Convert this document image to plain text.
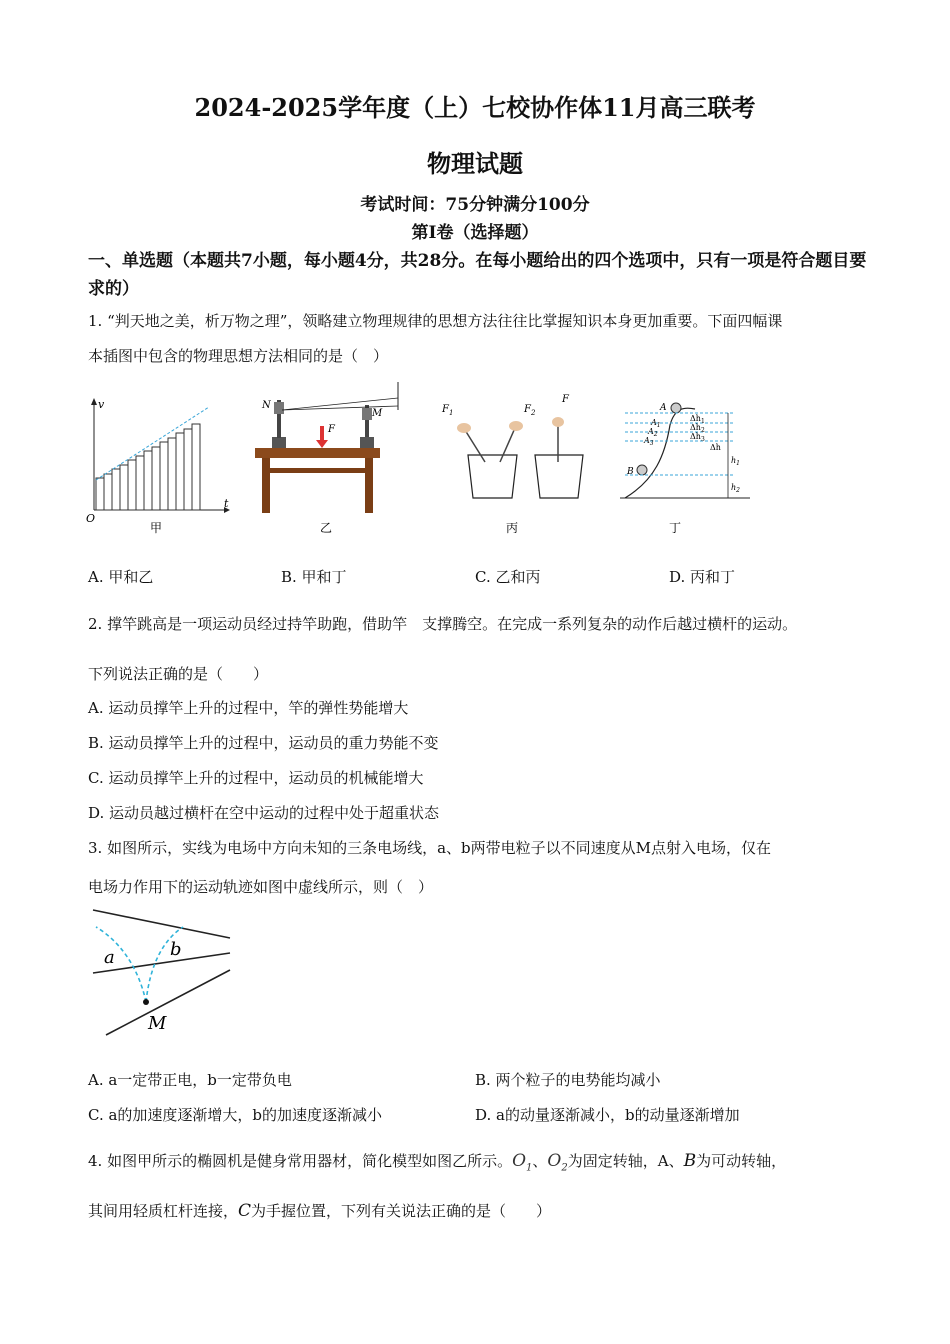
2024-2025学年度（上）七校协作体11月高三联考
物理试题
考试时间：75分钟满分100分
第Ⅰ卷（选择题）
一、单选题（本题共7小题，每小题4分，共28分。在每小题给出的四个选项中，只有一项是符合题目要求的）
1. “判天地之美，析万物之理”，领略建立物理规律的思想方法往往比掌握知识本身更加重要。下面四幅课
本插图中包含的物理思想方法相同的是（　）
v
O
t
甲
N
M
F
乙
$F_1$	$F_2$
F
丙
A
$A_1$
$A_2$
$A_3$
B
$\Delta h_1$
$\Delta h_2$
$\Delta h_3$
Δh
$h_1$
$h_2$
丁
A. 甲和乙	B. 甲和丁	C. 乙和丙	D. 丙和丁
2. 撑竿跳高是一项运动员经过持竿助跑，借助竿　支撑腾空。在完成一系列复杂的动作后越过横杆的运动。
下列说法正确的是（　　）
A. 运动员撑竿上升的过程中，竿的弹性势能增大
B. 运动员撑竿上升的过程中，运动员的重力势能不变
C. 运动员撑竿上升的过程中，运动员的机械能增大
D. 运动员越过横杆在空中运动的过程中处于超重状态
3. 如图所示，实线为电场中方向未知的三条电场线，a、b两带电粒子以不同速度从M点射入电场，仅在
电场力作用下的运动轨迹如图中虚线所示，则（　）
a	b
M
A. a一定带正电，b一定带负电	B. 两个粒子的电势能均减小
C. a的加速度逐渐增大，b的加速度逐渐减小	D. a的动量逐渐减小，b的动量逐渐增加
4. 如图甲所示的椭圆机是健身常用器材，简化模型如图乙所示。$O_1$、$O_2$为固定转轴，A、B为可动转轴，
其间用轻质杠杆连接，C为手握位置，下列有关说法正确的是（　　）
